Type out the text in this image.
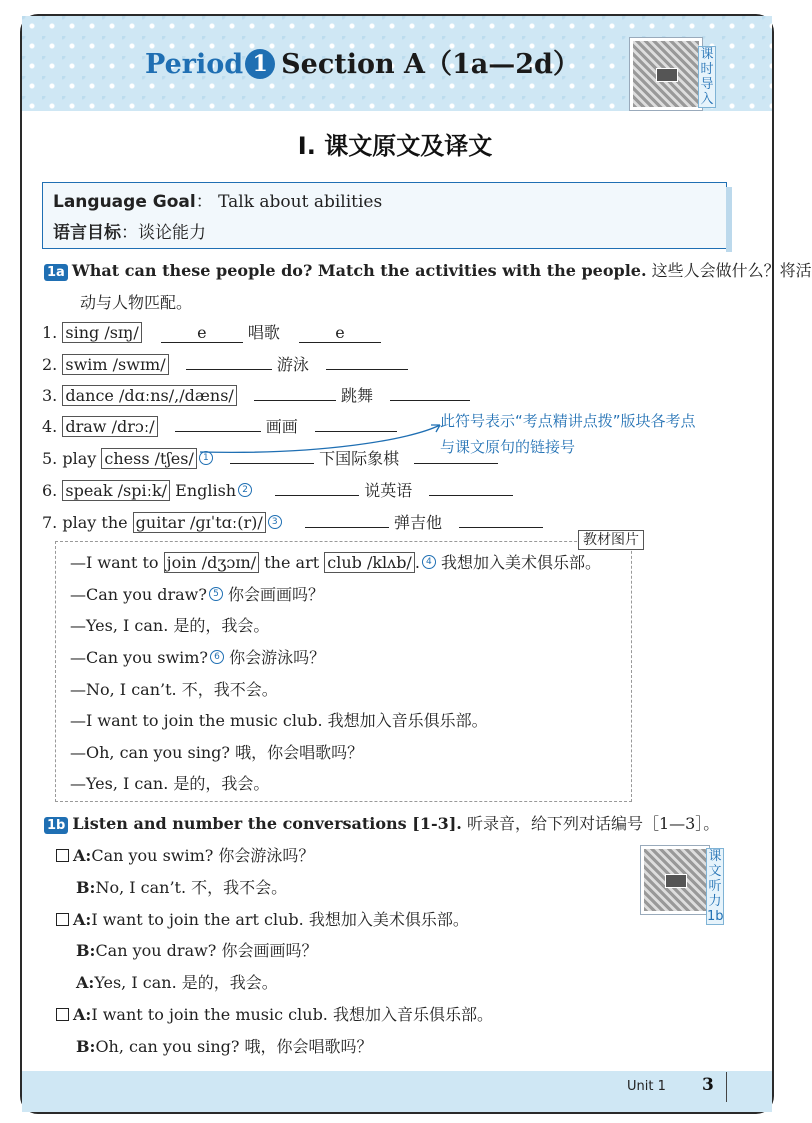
Period 1 Section A（1a—2d）	课时导入
I. 课文原文及译文
Language Goal： Talk about abilities
语言目标：谈论能力
1a What can these people do? Match the activities with the people. 这些人会做什么？将活
动与人物匹配。
1. sing /sɪŋ/	e	唱歌	e
2. swim /swɪm/	游泳
3. dance /dɑːns/,/dæns/	跳舞
4. draw /drɔː/	画画
5. play chess /tʃes/ 1	下国际象棋
6. speak /spiːk/ English 2	说英语
7. play the guitar /ɡɪˈtɑː(r)/ 3	弹吉他
此符号表示“考点精讲点拨”版块各考点
与课文原句的链接号
教材图片
—I want to join /dʒɔɪn/ the art club /klʌb/ . 4 我想加入美术俱乐部。
—Can you draw? 5 你会画画吗？
—Yes, I can. 是的，我会。
—Can you swim? 6 你会游泳吗？
—No, I can’t. 不，我不会。
—I want to join the music club. 我想加入音乐俱乐部。
—Oh, can you sing? 哦，你会唱歌吗？
—Yes, I can. 是的，我会。
1b Listen and number the conversations [1-3]. 听录音，给下列对话编号［1—3］。
课文听力1b
A:Can you swim? 你会游泳吗？
B:No, I can’t. 不，我不会。
A:I want to join the art club. 我想加入美术俱乐部。
B:Can you draw? 你会画画吗？
A:Yes, I can. 是的，我会。
A:I want to join the music club. 我想加入音乐俱乐部。
B:Oh, can you sing? 哦，你会唱歌吗？
Unit 1 3
